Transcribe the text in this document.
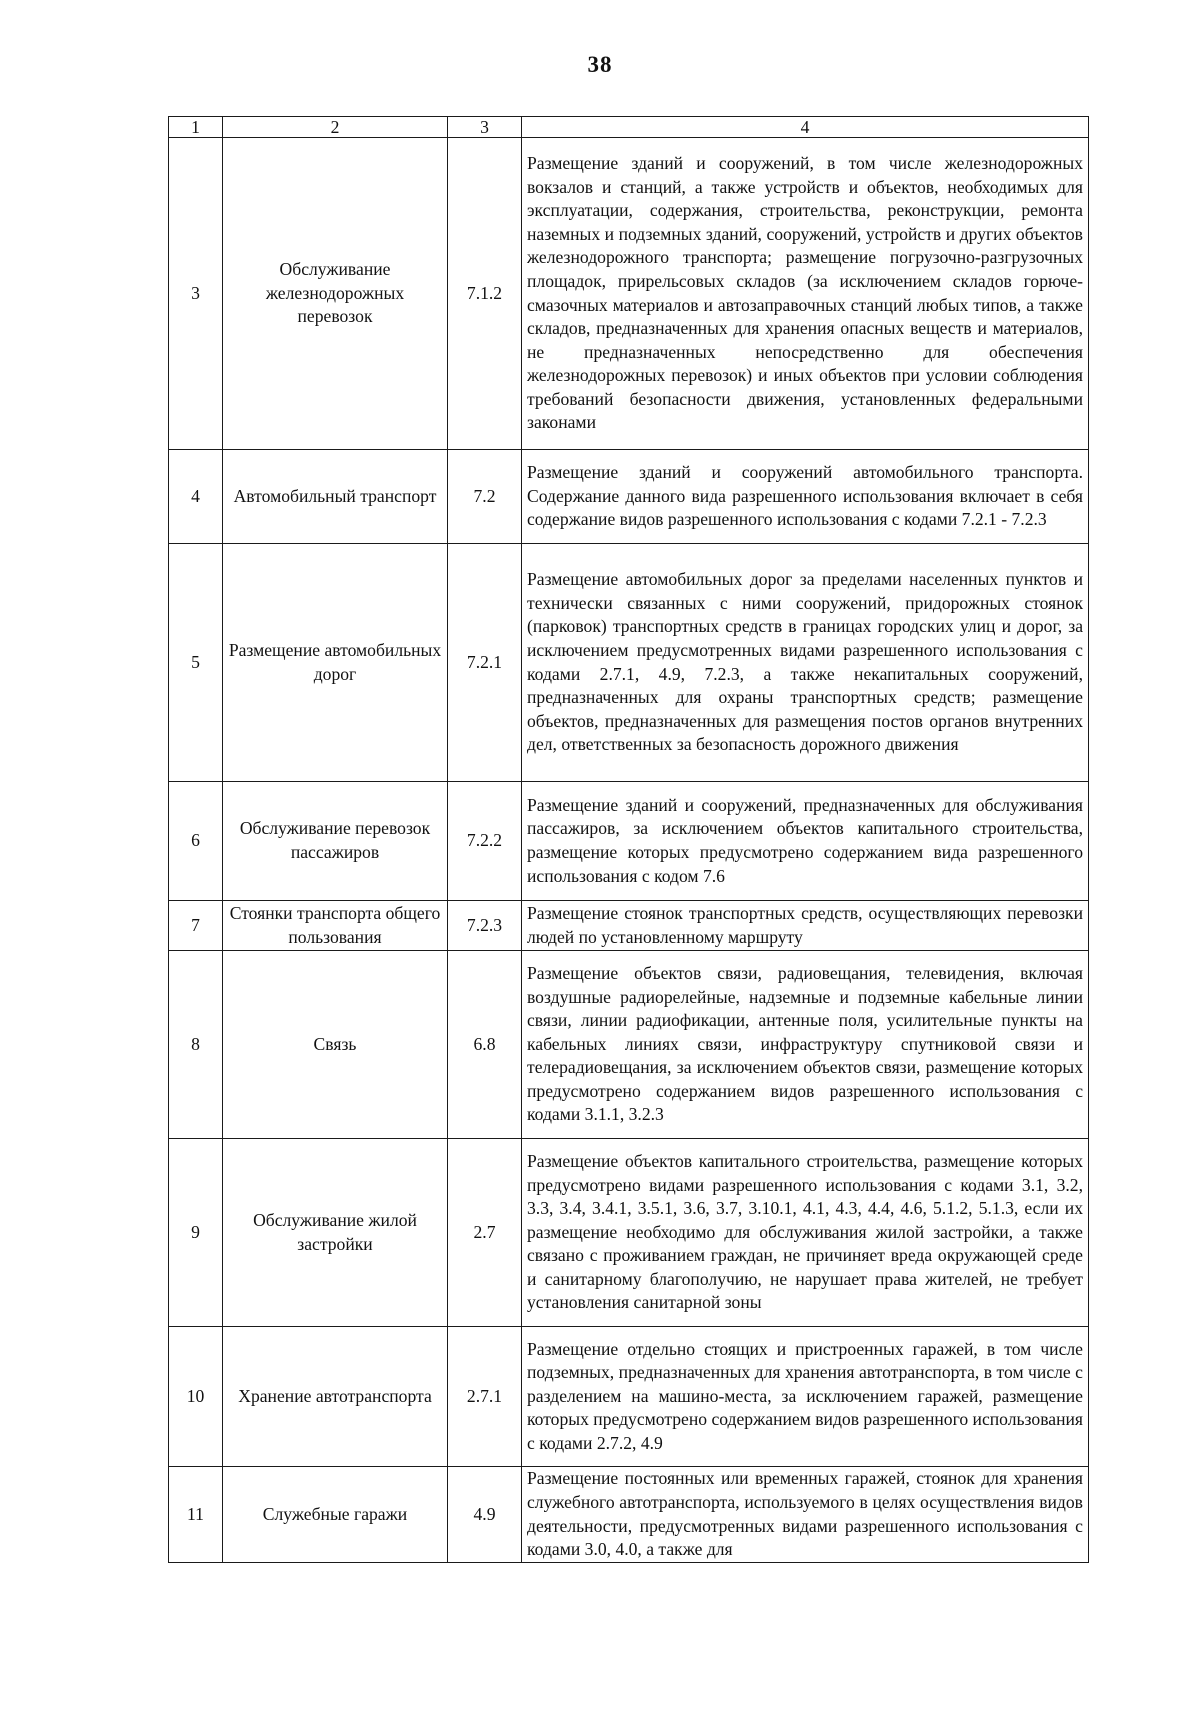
38
1	2	3	4
3	Обслуживание железнодорожных перевозок	7.1.2	Размещение зданий и сооружений, в том числе железнодорожных вокзалов и станций, а также устройств и объектов, необходимых для эксплуатации, содержания, строительства, реконструкции, ремонта наземных и подземных зданий, сооружений, устройств и других объектов железнодорожного транспорта; размещение погрузочно-разгрузочных площадок, прирельсовых складов (за исключением складов горюче-смазочных материалов и автозаправочных станций любых типов, а также складов, предназначенных для хранения опасных веществ и материалов, не предназначенных непосредственно для обеспечения железнодорожных перевозок) и иных объектов при условии соблюдения требований безопасности движения, установленных федеральными законами
4	Автомобильный транспорт	7.2	Размещение зданий и сооружений автомобильного транспорта. Содержание данного вида разрешенного использования включает в себя содержание видов разрешенного использования с кодами 7.2.1 - 7.2.3
5	Размещение автомобильных дорог	7.2.1	Размещение автомобильных дорог за пределами населенных пунктов и технически связанных с ними сооружений, придорожных стоянок (парковок) транспортных средств в границах городских улиц и дорог, за исключением предусмотренных видами разрешенного использования с кодами 2.7.1, 4.9, 7.2.3, а также некапитальных сооружений, предназначенных для охраны транспортных средств; размещение объектов, предназначенных для размещения постов органов внутренних дел, ответственных за безопасность дорожного движения
6	Обслуживание перевозок пассажиров	7.2.2	Размещение зданий и сооружений, предназначенных для обслуживания пассажиров, за исключением объектов капитального строительства, размещение которых предусмотрено содержанием вида разрешенного использования с кодом 7.6
7	Стоянки транспорта общего пользования	7.2.3	Размещение стоянок транспортных средств, осуществляющих перевозки людей по установленному маршруту
8	Связь	6.8	Размещение объектов связи, радиовещания, телевидения, включая воздушные радиорелейные, надземные и подземные кабельные линии связи, линии радиофикации, антенные поля, усилительные пункты на кабельных линиях связи, инфраструктуру спутниковой связи и телерадиовещания, за исключением объектов связи, размещение которых предусмотрено содержанием видов разрешенного использования с кодами 3.1.1, 3.2.3
9	Обслуживание жилой застройки	2.7	Размещение объектов капитального строительства, размещение которых предусмотрено видами разрешенного использования с кодами 3.1, 3.2, 3.3, 3.4, 3.4.1, 3.5.1, 3.6, 3.7, 3.10.1, 4.1, 4.3, 4.4, 4.6, 5.1.2, 5.1.3, если их размещение необходимо для обслуживания жилой застройки, а также связано с проживанием граждан, не причиняет вреда окружающей среде и санитарному благополучию, не нарушает права жителей, не требует установления санитарной зоны
10	Хранение автотранспорта	2.7.1	Размещение отдельно стоящих и пристроенных гаражей, в том числе подземных, предназначенных для хранения автотранспорта, в том числе с разделением на машино-места, за исключением гаражей, размещение которых предусмотрено содержанием видов разрешенного использования с кодами 2.7.2, 4.9
11	Служебные гаражи	4.9	Размещение постоянных или временных гаражей, стоянок для хранения служебного автотранспорта, используемого в целях осуществления видов деятельности, предусмотренных видами разрешенного использования с кодами 3.0, 4.0, а также для
